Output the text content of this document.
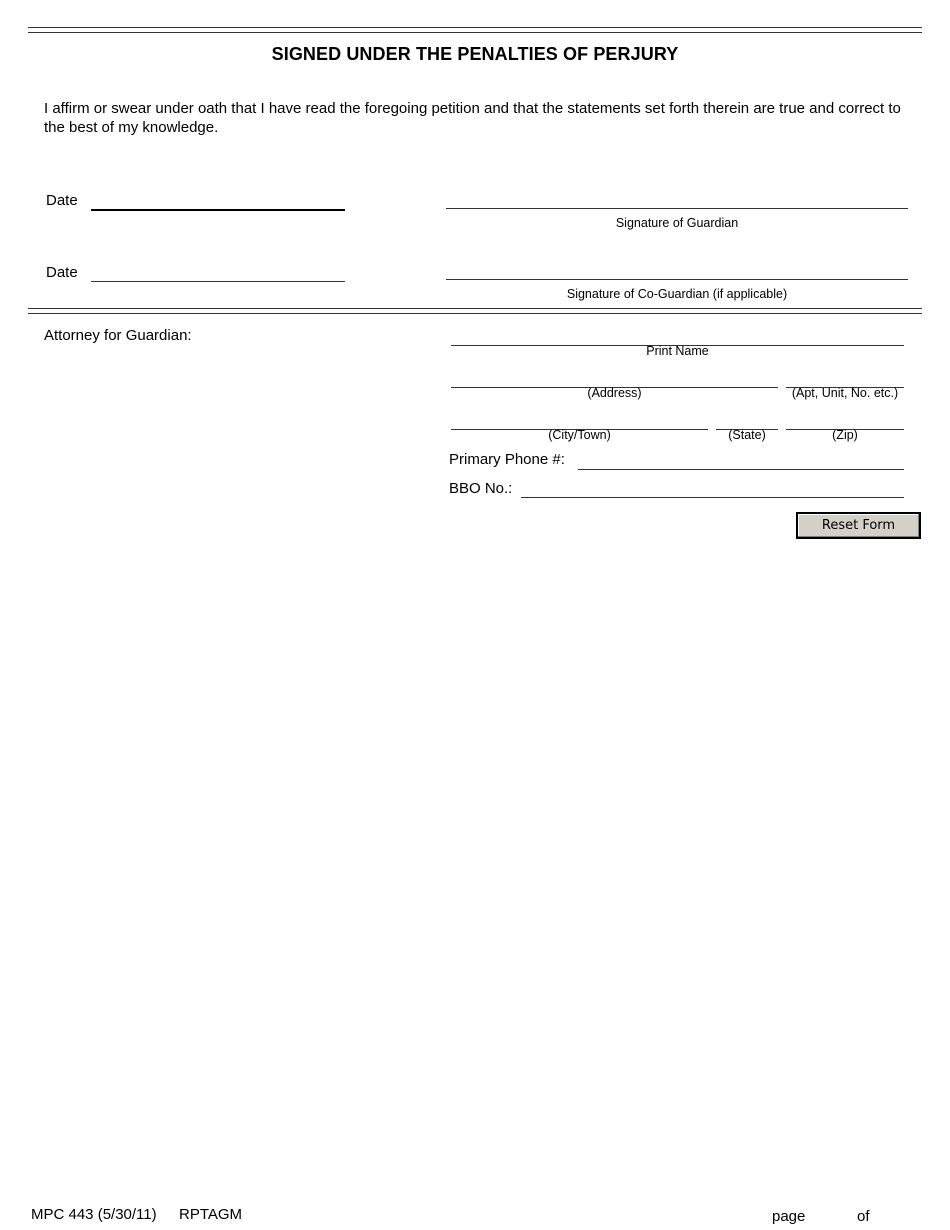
SIGNED UNDER THE PENALTIES OF PERJURY
I affirm or swear under oath that I have read the foregoing petition and that the statements set forth therein are true and correct to the best of my knowledge.
Date
Signature of Guardian
Date
Signature of Co-Guardian (if applicable)
Attorney for Guardian:
Print Name
(Address)	(Apt, Unit, No. etc.)
(City/Town)	(State)	(Zip)
Primary Phone #:
BBO No.:
Reset Form
MPC 443 (5/30/11) RPTAGM	page	of
